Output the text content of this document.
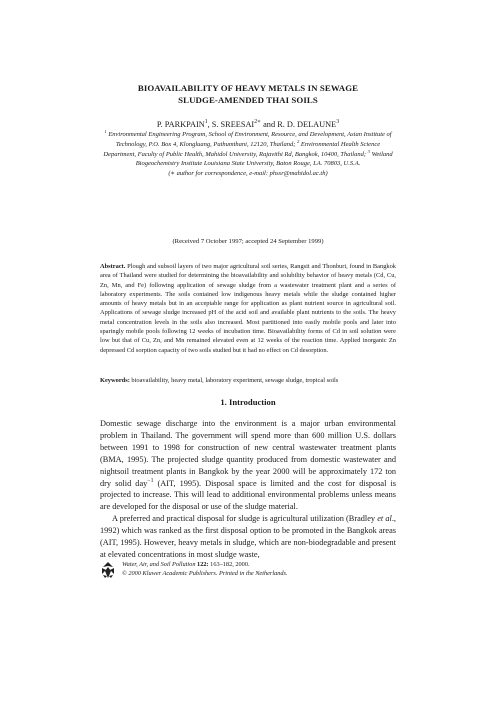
BIOAVAILABILITY OF HEAVY METALS IN SEWAGE
SLUDGE-AMENDED THAI SOILS
P. PARKPAIN$^1$, S. $SREESAI^{2∗}$ and R. D. DELAUNE$^3$
$^1$ Environmental Engineering Program, School of Environment, Resource, and Development, Asian Institute of Technology, P.O. Box 4, Klongluang, Pathumthani, 12120, Thailand; $^2$ Environmental Health Science Department, Faculty of Public Health, Mahidol University, Rajavithi Rd, Bangkok, 10400, Thailand; $^3$ Wetland Biogeochemistry Institute Louisiana State University, Baton Rouge, LA. 70803, U.S.A.
(∗ author for correspondence, e-mail: phssr@mahidol.ac.th)
(Received 7 October 1997; accepted 24 September 1999)
Abstract. Plough and subsoil layers of two major agricultural soil series, Rangsit and Thonburi, found in Bangkok area of Thailand were studied for determining the bioavailability and solubility behavior of heavy metals (Cd, Cu, Zn, Mn, and Fe) following application of sewage sludge from a wastewater treatment plant and a series of laboratory experiments. The soils contained low indigenous heavy metals while the sludge contained higher amounts of heavy metals but in an acceptable range for application as plant nutrient source in agricultural soil. Applications of sewage sludge increased pH of the acid soil and available plant nutrients to the soils. The heavy metal concentration levels in the soils also increased. Most partitioned into easily mobile pools and later into sparingly mobile pools following 12 weeks of incubation time. Bioavailability forms of Cd in soil solution were low but that of Cu, Zn, and Mn remained elevated even at 12 weeks of the reaction time. Applied inorganic Zn depressed Cd sorption capacity of two soils studied but it had no effect on Cd desorption.
Keywords: bioavailability, heavy metal, laboratory experiment, sewage sludge, tropical soils
1. Introduction

Domestic sewage discharge into the environment is a major urban environmental problem in Thailand. The government will spend more than 600 million U.S. dollars between 1991 to 1998 for construction of new central wastewater treatment plants (BMA, 1995). The projected sludge quantity produced from domestic wastewater and nightsoil treatment plants in Bangkok by the year 2000 will be approximately 172 ton dry solid day$^{-1}$ (AIT, 1995). Disposal space is limited and the cost for disposal is projected to increase. This will lead to additional environmental problems unless means are developed for the disposal or use of the sludge material.

A preferred and practical disposal for sludge is agricultural utilization (Bradley et al., 1992) which was ranked as the first disposal option to be promoted in the Bangkok areas (AIT, 1995). However, heavy metals in sludge, which are non-biodegradable and present at elevated concentrations in most sludge waste,

Water, Air, and Soil Pollution 122: 163–182, 2000.
© 2000 Kluwer Academic Publishers. Printed in the Netherlands.
